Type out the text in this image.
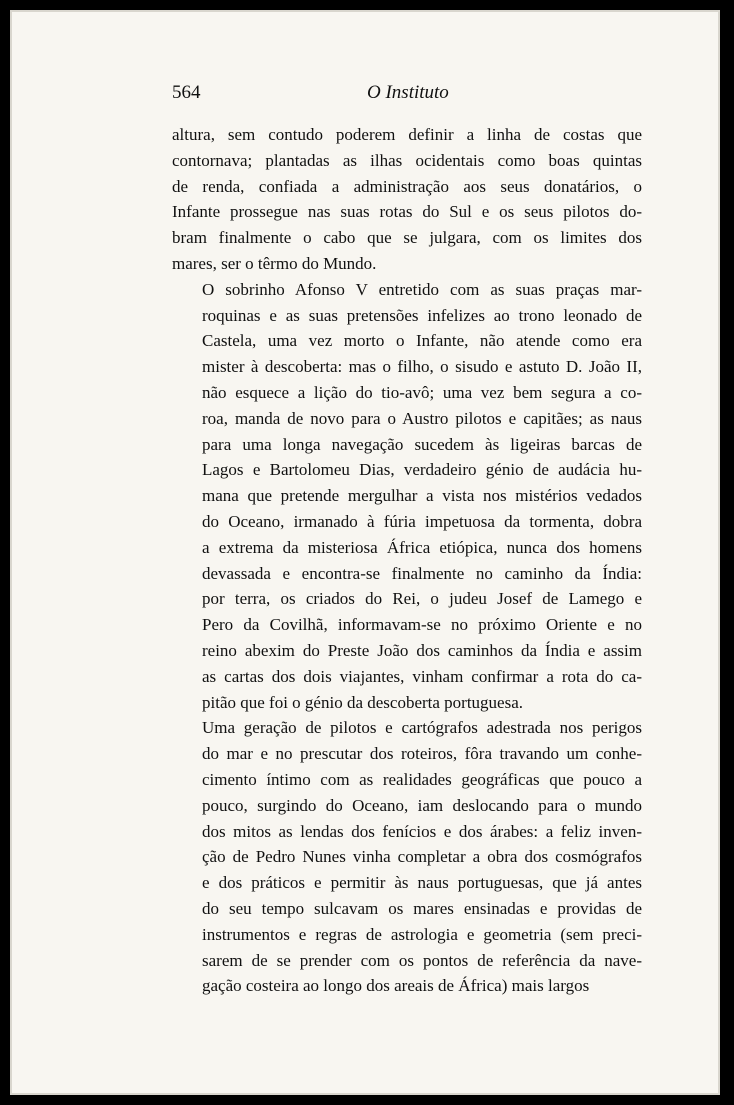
564	O Instituto

altura, sem contudo poderem definir a linha de costas que
contornava; plantadas as ilhas ocidentais como boas quintas
de renda, confiada a administração aos seus donatários, o
Infante prossegue nas suas rotas do Sul e os seus pilotos do-
bram finalmente o cabo que se julgara, com os limites dos
mares, ser o têrmo do Mundo.

O sobrinho Afonso V entretido com as suas praças mar-
roquinas e as suas pretensões infelizes ao trono leonado de
Castela, uma vez morto o Infante, não atende como era
mister à descoberta: mas o filho, o sisudo e astuto D. João II,
não esquece a lição do tio-avô; uma vez bem segura a co-
roa, manda de novo para o Austro pilotos e capitães; as naus
para uma longa navegação sucedem às ligeiras barcas de
Lagos e Bartolomeu Dias, verdadeiro génio de audácia hu-
mana que pretende mergulhar a vista nos mistérios vedados
do Oceano, irmanado à fúria impetuosa da tormenta, dobra
a extrema da misteriosa África etiópica, nunca dos homens
devassada e encontra-se finalmente no caminho da Índia:
por terra, os criados do Rei, o judeu Josef de Lamego e
Pero da Covilhã, informavam-se no próximo Oriente e no
reino abexim do Preste João dos caminhos da Índia e assim
as cartas dos dois viajantes, vinham confirmar a rota do ca-
pitão que foi o génio da descoberta portuguesa.

Uma geração de pilotos e cartógrafos adestrada nos perigos
do mar e no prescutar dos roteiros, fôra travando um conhe-
cimento íntimo com as realidades geográficas que pouco a
pouco, surgindo do Oceano, iam deslocando para o mundo
dos mitos as lendas dos fenícios e dos árabes: a feliz inven-
ção de Pedro Nunes vinha completar a obra dos cosmógrafos
e dos práticos e permitir às naus portuguesas, que já antes
do seu tempo sulcavam os mares ensinadas e providas de
instrumentos e regras de astrologia e geometria (sem preci-
sarem de se prender com os pontos de referência da nave-
gação costeira ao longo dos areais de África) mais largos
